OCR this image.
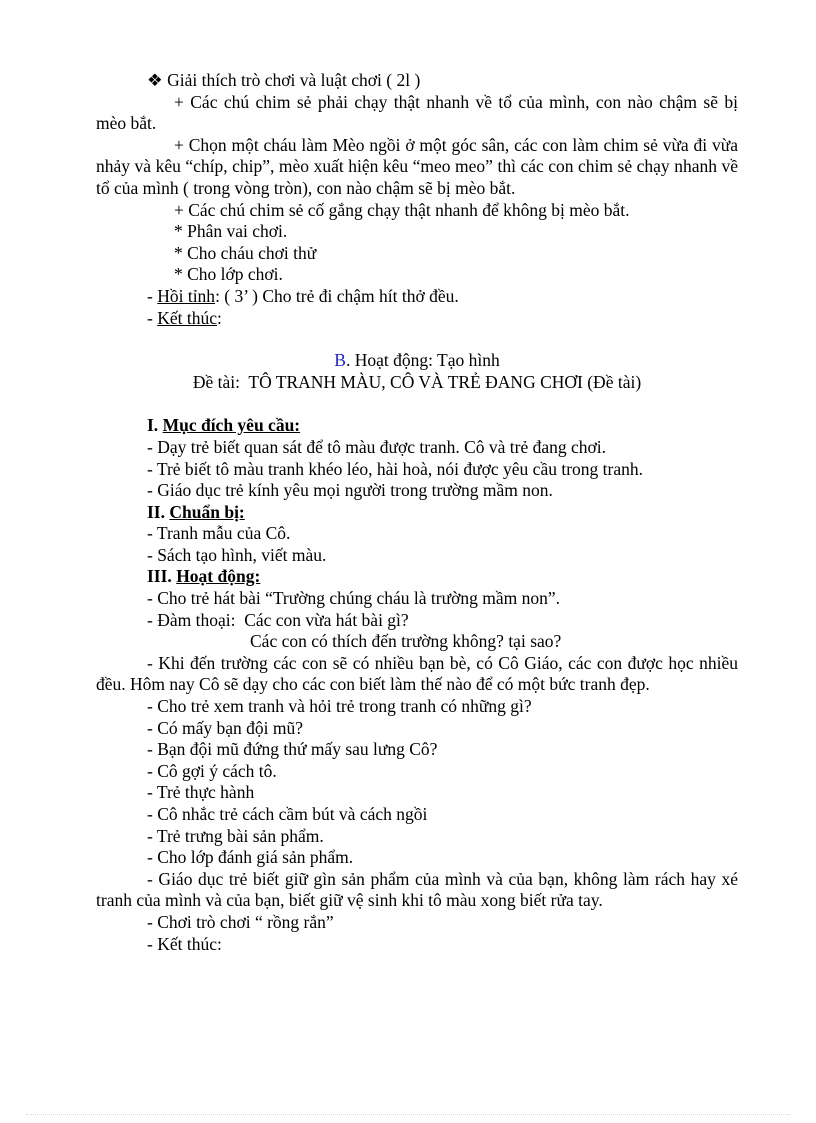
❖ Giải thích trò chơi và luật chơi ( 2l )
+ Các chú chim sẻ phải chạy thật nhanh về tổ của mình, con nào chậm sẽ bị mèo bắt.
+ Chọn một cháu làm Mèo ngồi ở một góc sân, các con làm chim sẻ vừa đi vừa nhảy và kêu “chíp, chip”, mèo xuất hiện kêu “meo meo” thì các con chim sẻ chạy nhanh về tổ của mình ( trong vòng tròn), con nào chậm sẽ bị mèo bắt.
+ Các chú chim sẻ cố gắng chạy thật nhanh để không bị mèo bắt.
* Phân vai chơi.
* Cho cháu chơi thử
* Cho lớp chơi.
- Hồi tỉnh: ( 3’ ) Cho trẻ đi chậm hít thở đều.
- Kết thúc:
B. Hoạt động: Tạo hình
Đề tài:  TÔ TRANH MÀU, CÔ VÀ TRẺ ĐANG CHƠI (Đề tài)
I. Mục đích yêu cầu:
- Dạy trẻ biết quan sát để tô màu được tranh. Cô và trẻ đang chơi.
- Trẻ biết tô màu tranh khéo léo, hài hoà, nói được yêu cầu trong tranh.
- Giáo dục trẻ kính yêu mọi người trong trường mầm non.
II. Chuẩn bị:
- Tranh mẫu của Cô.
- Sách tạo hình, viết màu.
III. Hoạt động:
- Cho trẻ hát bài “Trường chúng cháu là trường mầm non”.
- Đàm thoại:  Các con vừa hát bài gì?
Các con có thích đến trường không? tại sao?
- Khi đến trường các con sẽ có nhiều bạn bè, có Cô Giáo, các con được học nhiều đều. Hôm nay Cô sẽ dạy cho các con biết làm thế nào để có một bức tranh đẹp.
- Cho trẻ xem tranh và hỏi trẻ trong tranh có những gì?
- Có mấy bạn đội mũ?
- Bạn đội mũ đứng thứ mấy sau lưng Cô?
- Cô gợi ý cách tô.
- Trẻ thực hành
- Cô nhắc trẻ cách cầm bút và cách ngồi
- Trẻ trưng bài sản phẩm.
- Cho lớp đánh giá sản phẩm.
- Giáo dục trẻ biết giữ gìn sản phẩm của mình và của bạn, không làm rách hay xé tranh của mình và của bạn, biết giữ vệ sinh khi tô màu xong biết rửa tay.
- Chơi trò chơi “ rồng rắn”
- Kết thúc:
